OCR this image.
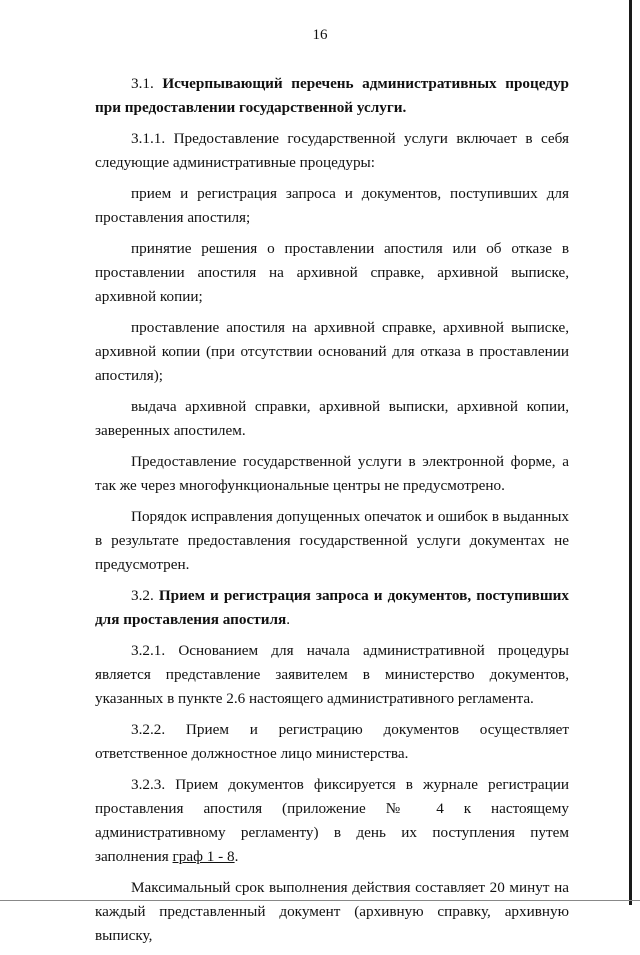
16

3.1. Исчерпывающий перечень административных процедур при предоставлении государственной услуги.

3.1.1. Предоставление государственной услуги включает в себя следующие административные процедуры:

прием и регистрация запроса и документов, поступивших для проставления апостиля;

принятие решения о проставлении апостиля или об отказе в проставлении апостиля на архивной справке, архивной выписке, архивной копии;

проставление апостиля на архивной справке, архивной выписке, архивной копии (при отсутствии оснований для отказа в проставлении апостиля);

выдача архивной справки, архивной выписки, архивной копии, заверенных апостилем.

Предоставление государственной услуги в электронной форме, а так же через многофункциональные центры не предусмотрено.

Порядок исправления допущенных опечаток и ошибок в выданных в результате предоставления государственной услуги документах не предусмотрен.

3.2. Прием и регистрация запроса и документов, поступивших для проставления апостиля.

3.2.1. Основанием для начала административной процедуры является представление заявителем в министерство документов, указанных в пункте 2.6 настоящего административного регламента.

3.2.2. Прием и регистрацию документов осуществляет ответственное должностное лицо министерства.

3.2.3. Прием документов фиксируется в журнале регистрации проставления апостиля (приложение № 4 к настоящему административному регламенту) в день их поступления путем заполнения граф 1 - 8.

Максимальный срок выполнения действия составляет 20 минут на каждый представленный документ (архивную справку, архивную выписку,
